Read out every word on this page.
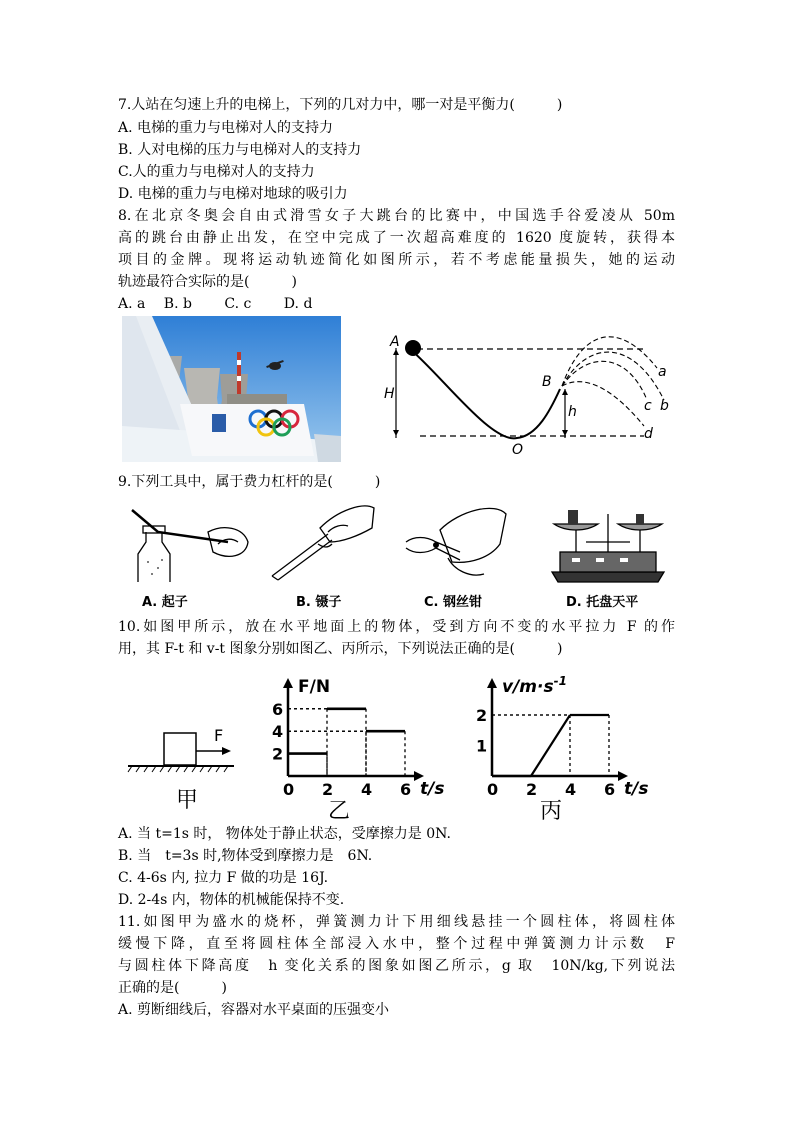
7.人站在匀速上升的电梯上，下列的几对力中，哪一对是平衡力(　　　)
A. 电梯的重力与电梯对人的支持力
B. 人对电梯的压力与电梯对人的支持力
C.人的重力与电梯对人的支持力
D. 电梯的重力与电梯对地球的吸引力
8.在北京冬奥会自由式滑雪女子大跳台的比赛中，中国选手谷爱凌从 50m
高的跳台由静止出发，在空中完成了一次超高难度的 1620 度旋转，获得本
项目的金牌。现将运动轨迹简化如图所示，若不考虑能量损失，她的运动
轨迹最符合实际的是(　　　)
A. a　 B. b　　 C. c　　 D. d
A
H
B
h
O
a
b
c
d
9.下列工具中，属于费力杠杆的是(　　　)
A. 起子	B. 镊子	C. 钢丝钳	D. 托盘天平
10.如图甲所示，放在水平地面上的物体，受到方向不变的水平拉力 F 的作
用，其 F-t 和 v-t 图象分别如图乙、丙所示，下列说法正确的是(　　　)
F
甲
F/N
t/s
0 2 4 6
2
4
6
乙
$v/m\cdot s^{-1}$
t/s
0 2 4 6
1
2
丙
A. 当 t=1s 时， 物体处于静止状态，受摩擦力是 0N.
B. 当　t=3s 时,物体受到摩擦力是　6N.
C. 4-6s 内, 拉力 F 做的功是 16J.
D. 2-4s 内，物体的机械能保持不变.
11.如图甲为盛水的烧杯，弹簧测力计下用细线悬挂一个圆柱体，将圆柱体
缓慢下降，直至将圆柱体全部浸入水中，整个过程中弹簧测力计示数　F
与圆柱体下降高度　h 变化关系的图象如图乙所示，g 取　10N/kg,下列说法
正确的是(　　　)
A. 剪断细线后，容器对水平桌面的压强变小
